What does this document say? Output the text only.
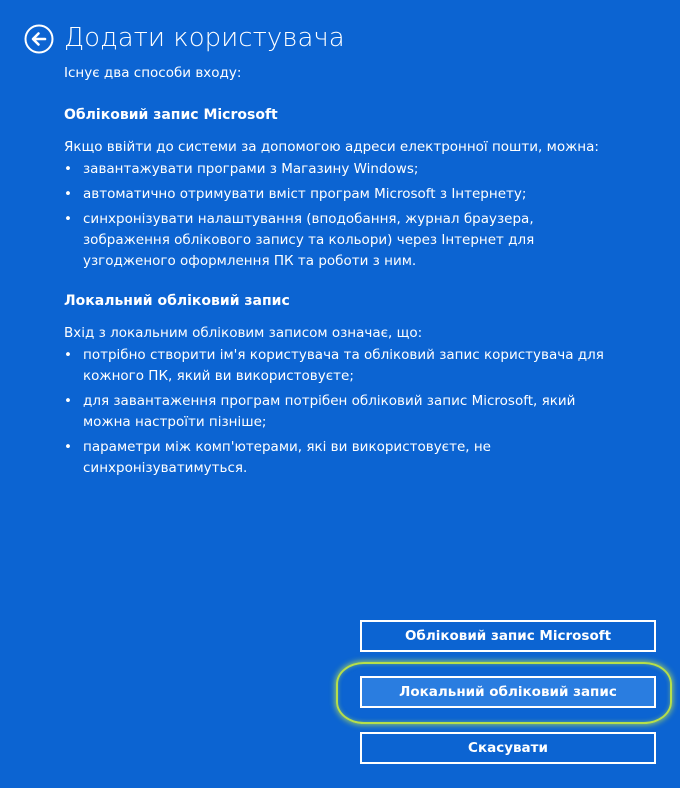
Додати користувача

Існує два способи входу:

Обліковий запис Microsoft

Якщо ввійти до системи за допомогою адреси електронної пошти, можна:

• завантажувати програми з Магазину Windows;
• автоматично отримувати вміст програм Microsoft з Інтернету;
• синхронізувати налаштування (вподобання, журнал браузера, зображення облікового запису та кольори) через Інтернет для узгодженого оформлення ПК та роботи з ним.
Локальний обліковий запис

Вхід з локальним обліковим записом означає, що:

• потрібно створити ім'я користувача та обліковий запис користувача для кожного ПК, який ви використовуєте;
• для завантаження програм потрібен обліковий запис Microsoft, який можна настроїти пізніше;
• параметри між комп'ютерами, які ви використовуєте, не синхронізуватимуться.
Обліковий запис Microsoft
Локальний обліковий запис
Скасувати
